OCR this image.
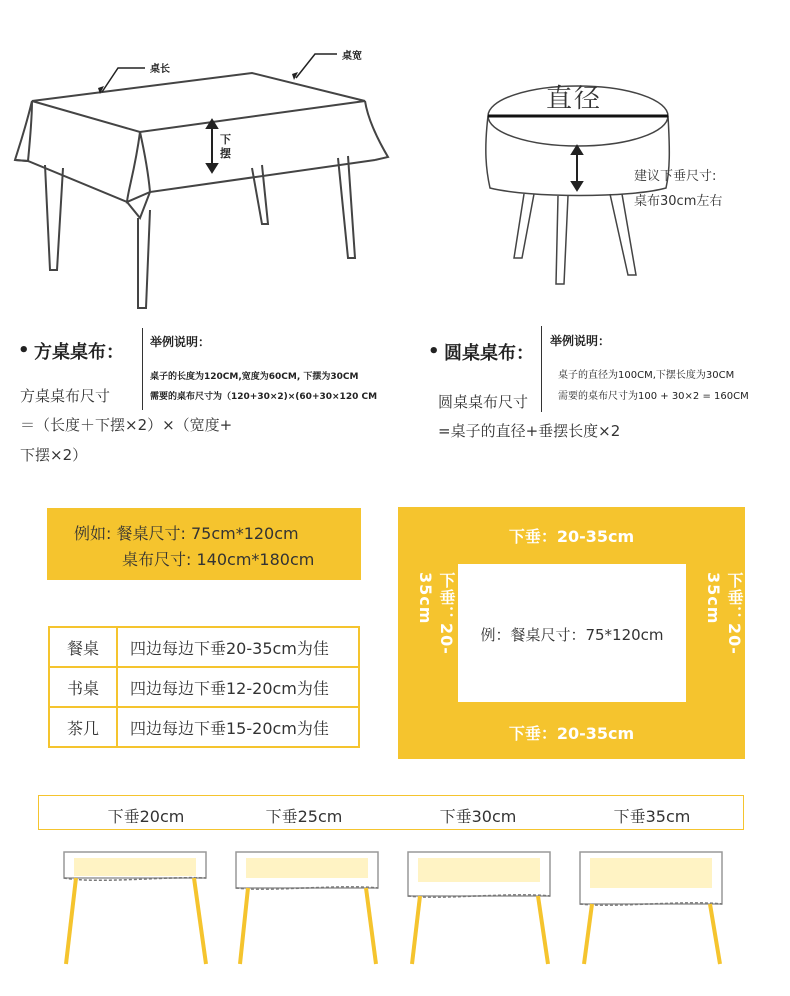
桌长
桌宽
下
摆
直径
建议下垂尺寸:
桌布30cm左右
• 方桌桌布： 举例说明：
桌子的长度为120CM,宽度为60CM, 下摆为30CM
需要的桌布尺寸为（120+30×2)×(60+30×120 CM
方桌桌布尺寸
＝（长度＋下摆×2）×（宽度+
下摆×2）
• 圆桌桌布：
举例说明：
桌子的直径为100CM,下摆长度为30CM
需要的桌布尺寸为100 + 30×2 = 160CM
圆桌桌布尺寸
=桌子的直径+垂摆长度×2
例如: 餐桌尺寸: 75cm*120cm
桌布尺寸: 140cm*180cm
餐桌	四边每边下垂20-35cm为佳
书桌	四边每边下垂12-20cm为佳
茶几	四边每边下垂15-20cm为佳
例：餐桌尺寸：75*120cm
下垂：20-35cm
下垂：20-35cm
下垂：20-35cm	下垂：20-35cm
下垂20cm	下垂25cm	下垂30cm	下垂35cm
